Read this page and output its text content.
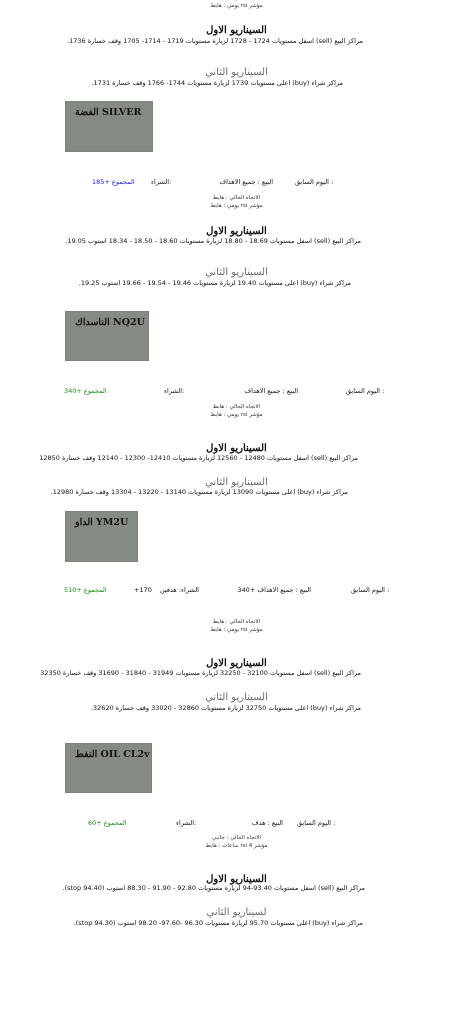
.
مؤشر rsi يومي : هابط
السيناريو الاول
مراكز البيع (sell) اسفل مستويات 1724 - 1728 لزيارة مستويات 1719 - 1714- 1705 وقف خسارة 1736.
السيناريو الثاني
مراكز شراء (buy) اعلى مستويات 1739 لزيارة مستويات 1744- 1766 وقف خسارة 1731.
الفضة SILVER
اليوم السابق :
البيع : جميع الاهداف
الشراء:
المجموع +185
الاتجاه الحالي : هابط
مؤشر rsi يومي : هابط
السيناريو الاول
مراكز البيع (sell) اسفل مستويات 18.69 - 18.80 لزيارة مستويات 18.60 - 18.50 - 18.34 استوب 19.05.
السيناريو الثاني
مراكز شراء (buy) اعلى مستويات 19.40 لزيارة مستويات 19.46 - 19.54 - 19.66 استوب 19.25.
الناسداك NQ2U
اليوم السابق :
البيع : جميع الاهداف
الشراء:
المجموع +340
الاتجاه الحالي : هابط
مؤشر rsi يومي : هابط
السيناريو الاول
مراكز البيع (sell) اسفل مستويات 12480 - 12560 لزيارة مستويات 12410- 12300 - 12140 وقف خسارة 12850
السيناريو الثاني
مراكز شراء (buy) اعلى مستويات 13090 لزيارة مستويات 13140 - 13220 - 13304 وقف خسارة 12980.
الداو YM2U
اليوم السابق :
البيع : جميع الاهداف +340
الشراء: هدفين
+170
المجموع +510
الاتجاه الحالي : هابط
مؤشر rsi يومي : هابط
السيناريو الاول
مراكز البيع (sell) اسفل مستويات 32100 - 32250 لزيارة مستويات 31949 - 31840 - 31690 وقف خسارة 32350
السيناريو الثاني
مراكز شراء (buy) اعلى مستويات 32750 لزيارة مستويات 32860 - 33020 وقف خسارة 32620.
النفط OIL CL2v
اليوم السابق :
البيع : هدف
الشراء:
المجموع +60
الاتجاه الحالي : جانبي
مؤشر rsi 4 ساعات : هابط
السيناريو الاول
مراكز البيع (sell) اسفل مستويات 93.40-94 لزيارة مستويات 92.80 - 91.90 - 88.30 استوب (94.40 stop).
لسيناريو الثاني
مراكز شراء (buy) اعلى مستويات 95.70 لزيارة مستويات 96.30 -97.60- 98.20 استوب (94.30 stop).
